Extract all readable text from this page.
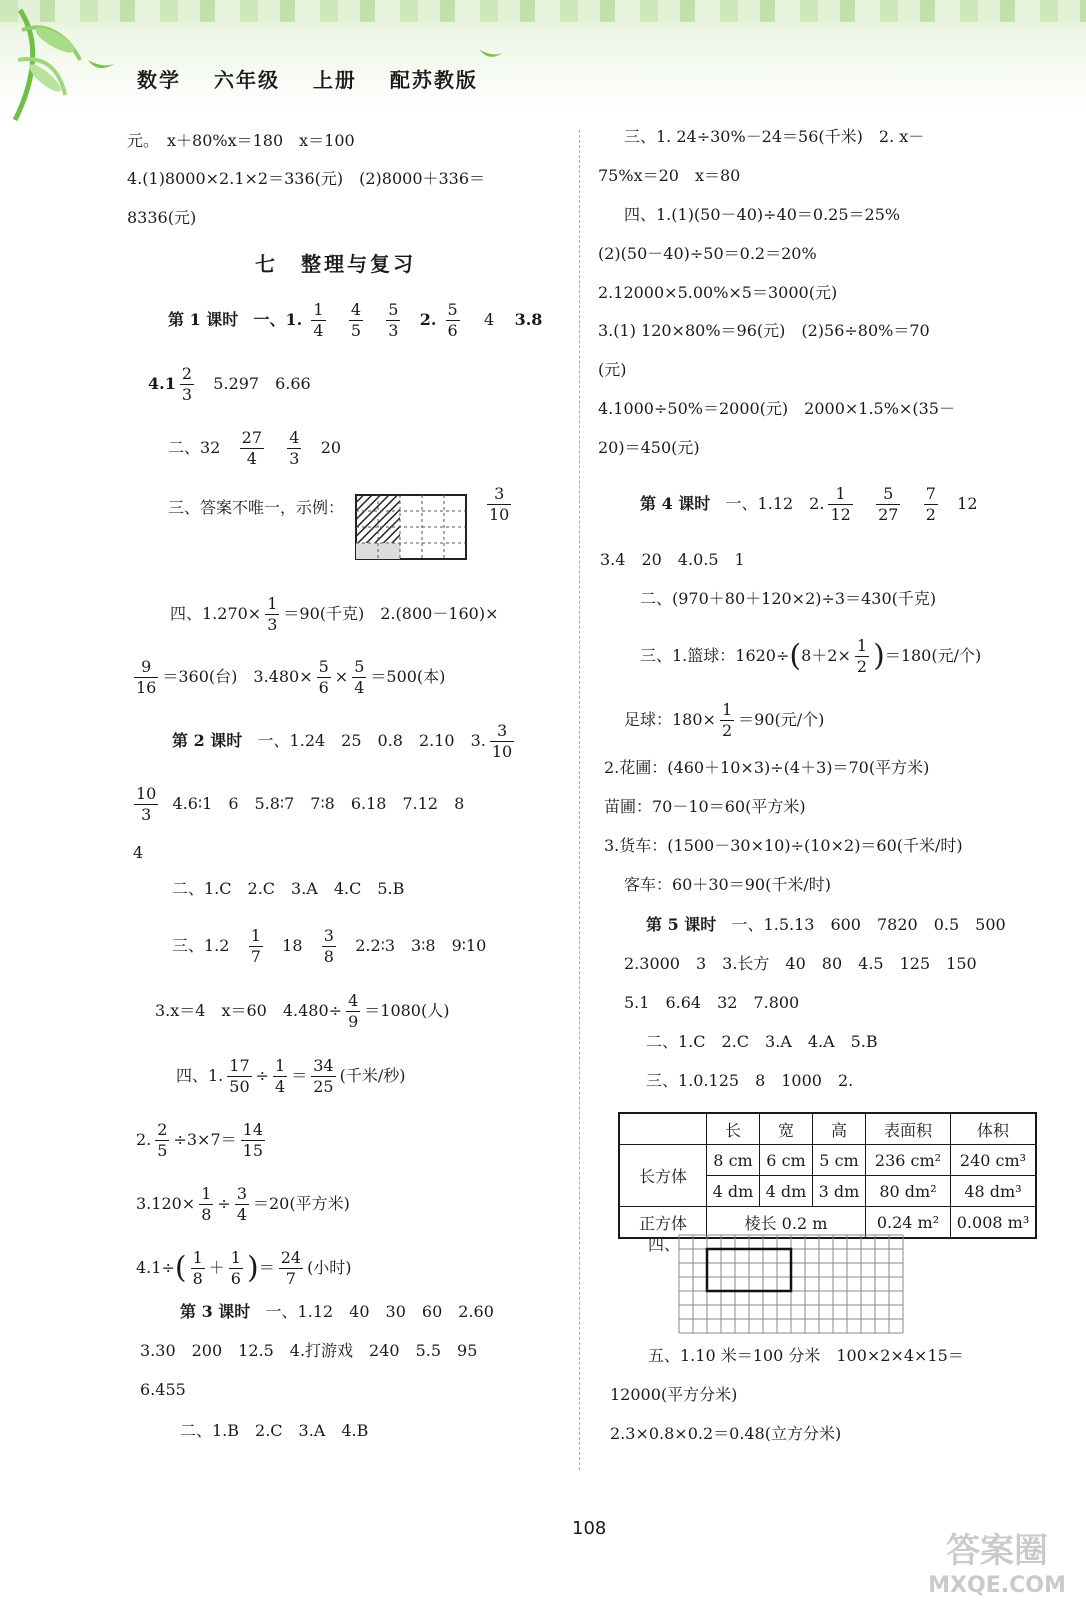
数学 六年级 上册 配苏教版
元。　x＋80%x＝180　x＝100
4.(1)8000×2.1×2＝336(元)　(2)8000＋336＝
8336(元)
七　整理与复习
第 1 课时 一、1. $\frac{1}{4}$
$\frac{4}{5}$
$\frac{5}{3} 2$. $\frac{5}{6} 4$ 3.8
$4.1 \frac{2}{3} 5.297$　6.66
二、$32 \frac{27}{4}$
$\frac{4}{3} 20$
三、答案不唯一，示例：	$\frac{3}{10}$
四、$1.270\times \frac{1}{3} =90$(千克)　2.(800－160)×
$\frac{9}{16} =360$(台)　$3.480\times \frac{5}{6} \times \frac{5}{4} =500$(本)
第 2 课时 一、1.24　25　0.8　2.10　3. $\frac{3}{10}$
$\frac{10}{3}$ 4.6∶1　6　5.8∶7　7∶8　6.18　7.12　8
4
二、1.C　2.C　3.A　4.C　5.B
三、$1.2 \frac{1}{7} 18 \frac{3}{8}$ 2.2∶3　3∶8　9∶10
3.x＝4　x＝60　$4.480\div \frac{4}{9} =1080$(人)
四、1. $\frac{17}{50} \div \frac{1}{4} = \frac{34}{25}$ (千米/秒)
2. $\frac{2}{5} \div 3\times 7= \frac{14}{15}$
$3.120\times \frac{1}{8} \div \frac{3}{4} =20$(平方米)
$4.1\div( \frac{1}{8} + \frac{1}{6}$ )＝ $\frac{24}{7}$ (小时)
第 3 课时 一、1.12　40　30　60　2.60
3.30　200　12.5　4.打游戏　240　5.5　95
6.455
二、1.B　2.C　3.A　4.B
三、1. 24÷30%－24＝56(千米)　2. x－
75%x＝20　x＝80
四、1.(1)(50－40)÷40＝0.25＝25%
(2)(50－40)÷50＝0.2＝20%
2.12000×5.00%×5＝3000(元)
3.(1) 120×80%＝96(元)　(2)56÷80%＝70
(元)
4.1000÷50%＝2000(元)　2000×1.5%×(35－
20)＝450(元)
第 4 课时 一、1.12　2. $\frac{1}{12}$
$\frac{5}{27}$
$\frac{7}{2} 12$
3.4　20　4.0.5　1
二、(970＋80＋120×2)÷3＝430(千克)
三、1.篮球：$1620\div(8+2\times \frac{1}{2} )=180$(元/个)
足球：$180\times \frac{1}{2} =90$(元/个)
2.花圃：(460＋10×3)÷(4＋3)＝70(平方米)
苗圃：70－10＝60(平方米)
3.货车：(1500－30×10)÷(10×2)＝60(千米/时)
客车：60＋30＝90(千米/时)
第 5 课时 一、1.5.13　600　7820　0.5　500
2.3000　3　3.长方　40　80　4.5　125　150
5.1　6.64　32　7.800
二、1.C　2.C　3.A　4.A　5.B
三、1.0.125　8　1000　2.
	长	宽	高	表面积	体积
长方体	8 cm	6 cm	5 cm	236 cm²	240 cm³
	4 dm	4 dm	3 dm	80 dm²	48 dm³
正方体	棱长 0.2 m			0.24 m²	0.008 m³
四、
五、1.10 米＝100 分米　100×2×4×15＝
12000(平方分米)
2.3×0.8×0.2＝0.48(立方分米)
108
答案圈
MXQE.COM
